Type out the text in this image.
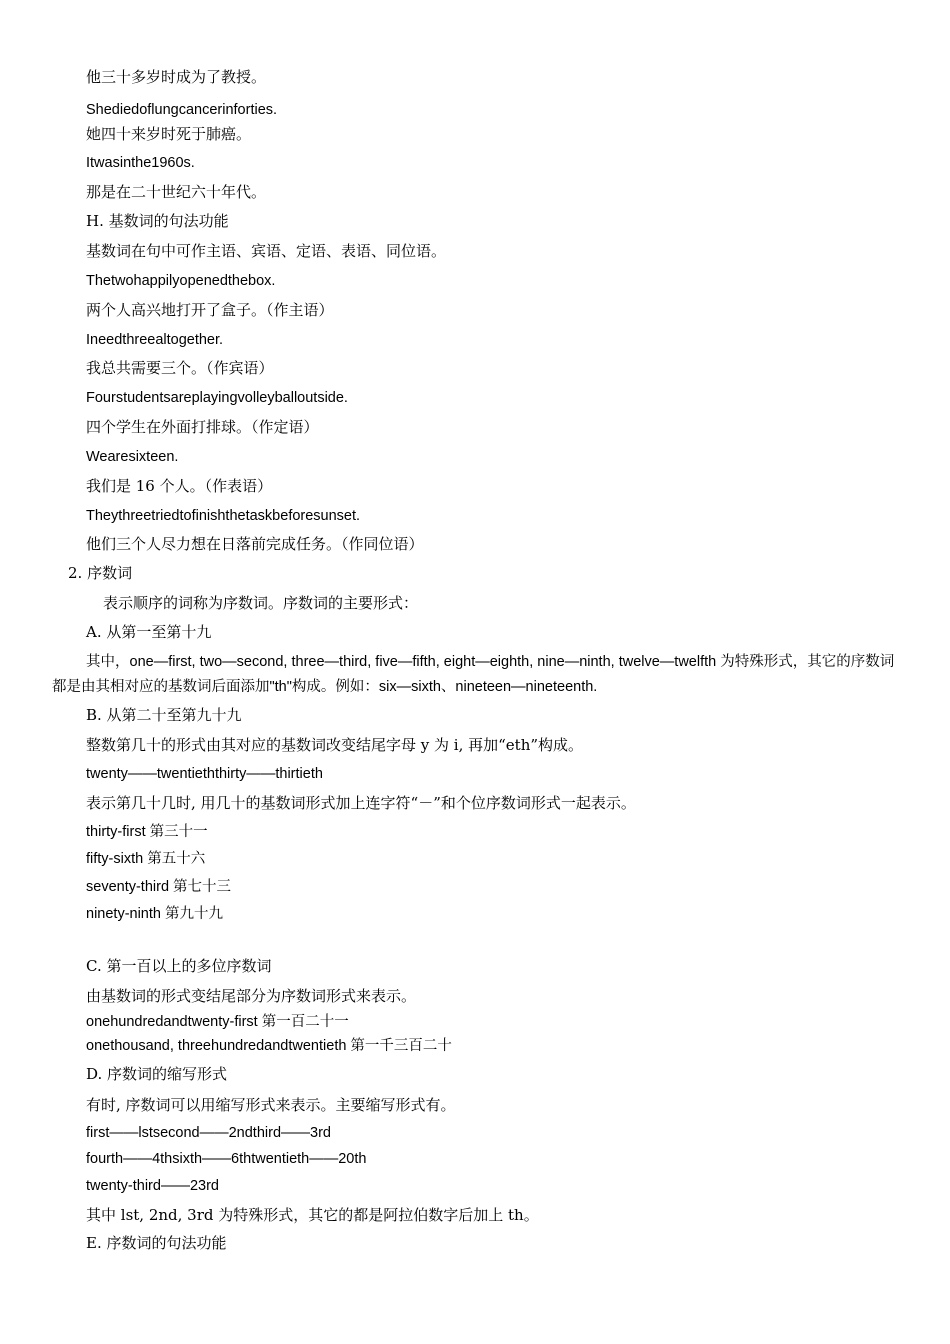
他三十多岁时成为了教授。
Shediedoflungcancerinforties.
她四十来岁时死于肺癌。
Itwasinthe1960s.
那是在二十世纪六十年代。
H. 基数词的句法功能
基数词在句中可作主语、宾语、定语、表语、同位语。
Thetwohappilyopenedthebox.
两个人高兴地打开了盒子。（作主语）
Ineedthreealtogether.
我总共需要三个。（作宾语）
Fourstudentsareplayingvolleyballoutside.
四个学生在外面打排球。（作定语）
Wearesixteen.
我们是 16 个人。（作表语）
Theythreetriedtofinishthetaskbeforesunset.
他们三个人尽力想在日落前完成任务。（作同位语）
2. 序数词
表示顺序的词称为序数词。序数词的主要形式：
A. 从第一至第十九
其中，one—first, two—second, three—third, five—fifth, eight—eighth, nine—ninth, twelve—twelfth 为特殊形式，其它的序数词都是由其相对应的基数词后面添加"th"构成。例如：six—sixth、nineteen—nineteenth.
B. 从第二十至第九十九
整数第几十的形式由其对应的基数词改变结尾字母 y 为 i, 再加“eth”构成。
twenty——twentieththirty——thirtieth
表示第几十几时, 用几十的基数词形式加上连字符“－”和个位序数词形式一起表示。
thirty-first 第三十一
fifty-sixth 第五十六
seventy-third 第七十三
ninety-ninth 第九十九
C. 第一百以上的多位序数词
由基数词的形式变结尾部分为序数词形式来表示。
onehundredandtwenty-first 第一百二十一
onethousand, threehundredandtwentieth 第一千三百二十
D. 序数词的缩写形式
有时, 序数词可以用缩写形式来表示。主要缩写形式有。
first——lstsecond——2ndthird——3rd
fourth——4thsixth——6thtwentieth——20th
twenty-third——23rd
其中 lst, 2nd, 3rd 为特殊形式，其它的都是阿拉伯数字后加上 th。
E. 序数词的句法功能
